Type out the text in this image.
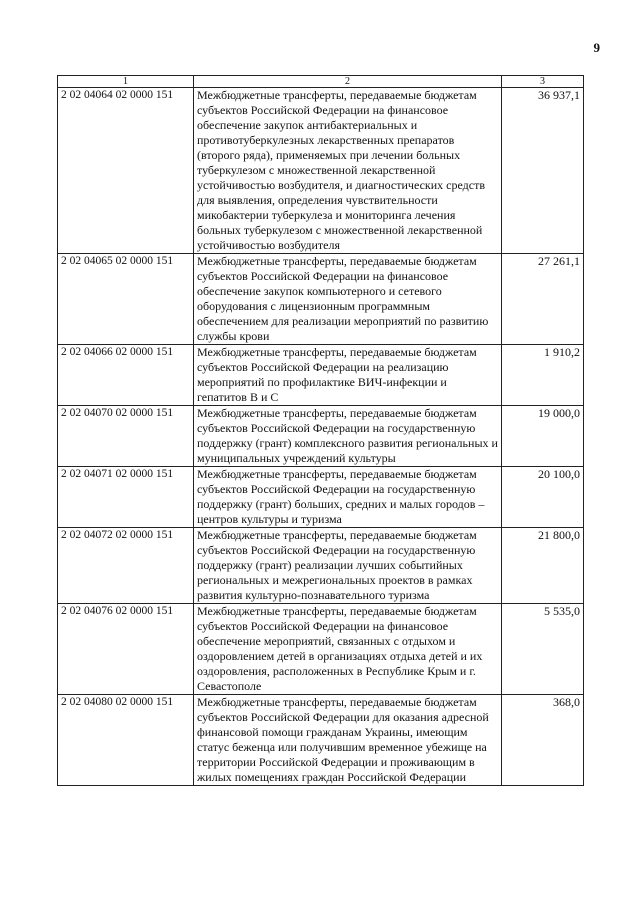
9
1	2	3
2 02 04064 02 0000 151	Межбюджетные трансферты, передаваемые бюджетам субъектов Российской Федерации на финансовое обеспечение закупок антибактериальных и противотуберкулезных лекарственных препаратов (второго ряда), применяемых при лечении больных туберкулезом с множественной лекарственной устойчивостью возбудителя, и диагностических средств для выявления, определения чувствительности микобактерии туберкулеза и мониторинга лечения больных туберкулезом с множественной лекарственной устойчивостью возбудителя	36 937,1
2 02 04065 02 0000 151	Межбюджетные трансферты, передаваемые бюджетам субъектов Российской Федерации на финансовое обеспечение закупок компьютерного и сетевого оборудования с лицензионным программным обеспечением для реализации мероприятий по развитию службы крови	27 261,1
2 02 04066 02 0000 151	Межбюджетные трансферты, передаваемые бюджетам субъектов Российской Федерации на реализацию мероприятий по профилактике ВИЧ-инфекции и гепатитов B и C	1 910,2
2 02 04070 02 0000 151	Межбюджетные трансферты, передаваемые бюджетам субъектов Российской Федерации на государственную поддержку (грант) комплексного развития региональных и муниципальных учреждений культуры	19 000,0
2 02 04071 02 0000 151	Межбюджетные трансферты, передаваемые бюджетам субъектов Российской Федерации на государственную поддержку (грант) больших, средних и малых городов – центров культуры и туризма	20 100,0
2 02 04072 02 0000 151	Межбюджетные трансферты, передаваемые бюджетам субъектов Российской Федерации на государственную поддержку (грант) реализации лучших событийных региональных и межрегиональных проектов в рамках развития культурно-познавательного туризма	21 800,0
2 02 04076 02 0000 151	Межбюджетные трансферты, передаваемые бюджетам субъектов Российской Федерации на финансовое обеспечение мероприятий, связанных с отдыхом и оздоровлением детей в организациях отдыха детей и их оздоровления, расположенных в Республике Крым и г. Севастополе	5 535,0
2 02 04080 02 0000 151	Межбюджетные трансферты, передаваемые бюджетам субъектов Российской Федерации для оказания адресной финансовой помощи гражданам Украины, имеющим статус беженца или получившим временное убежище на территории Российской Федерации и проживающим в жилых помещениях граждан Российской Федерации	368,0
